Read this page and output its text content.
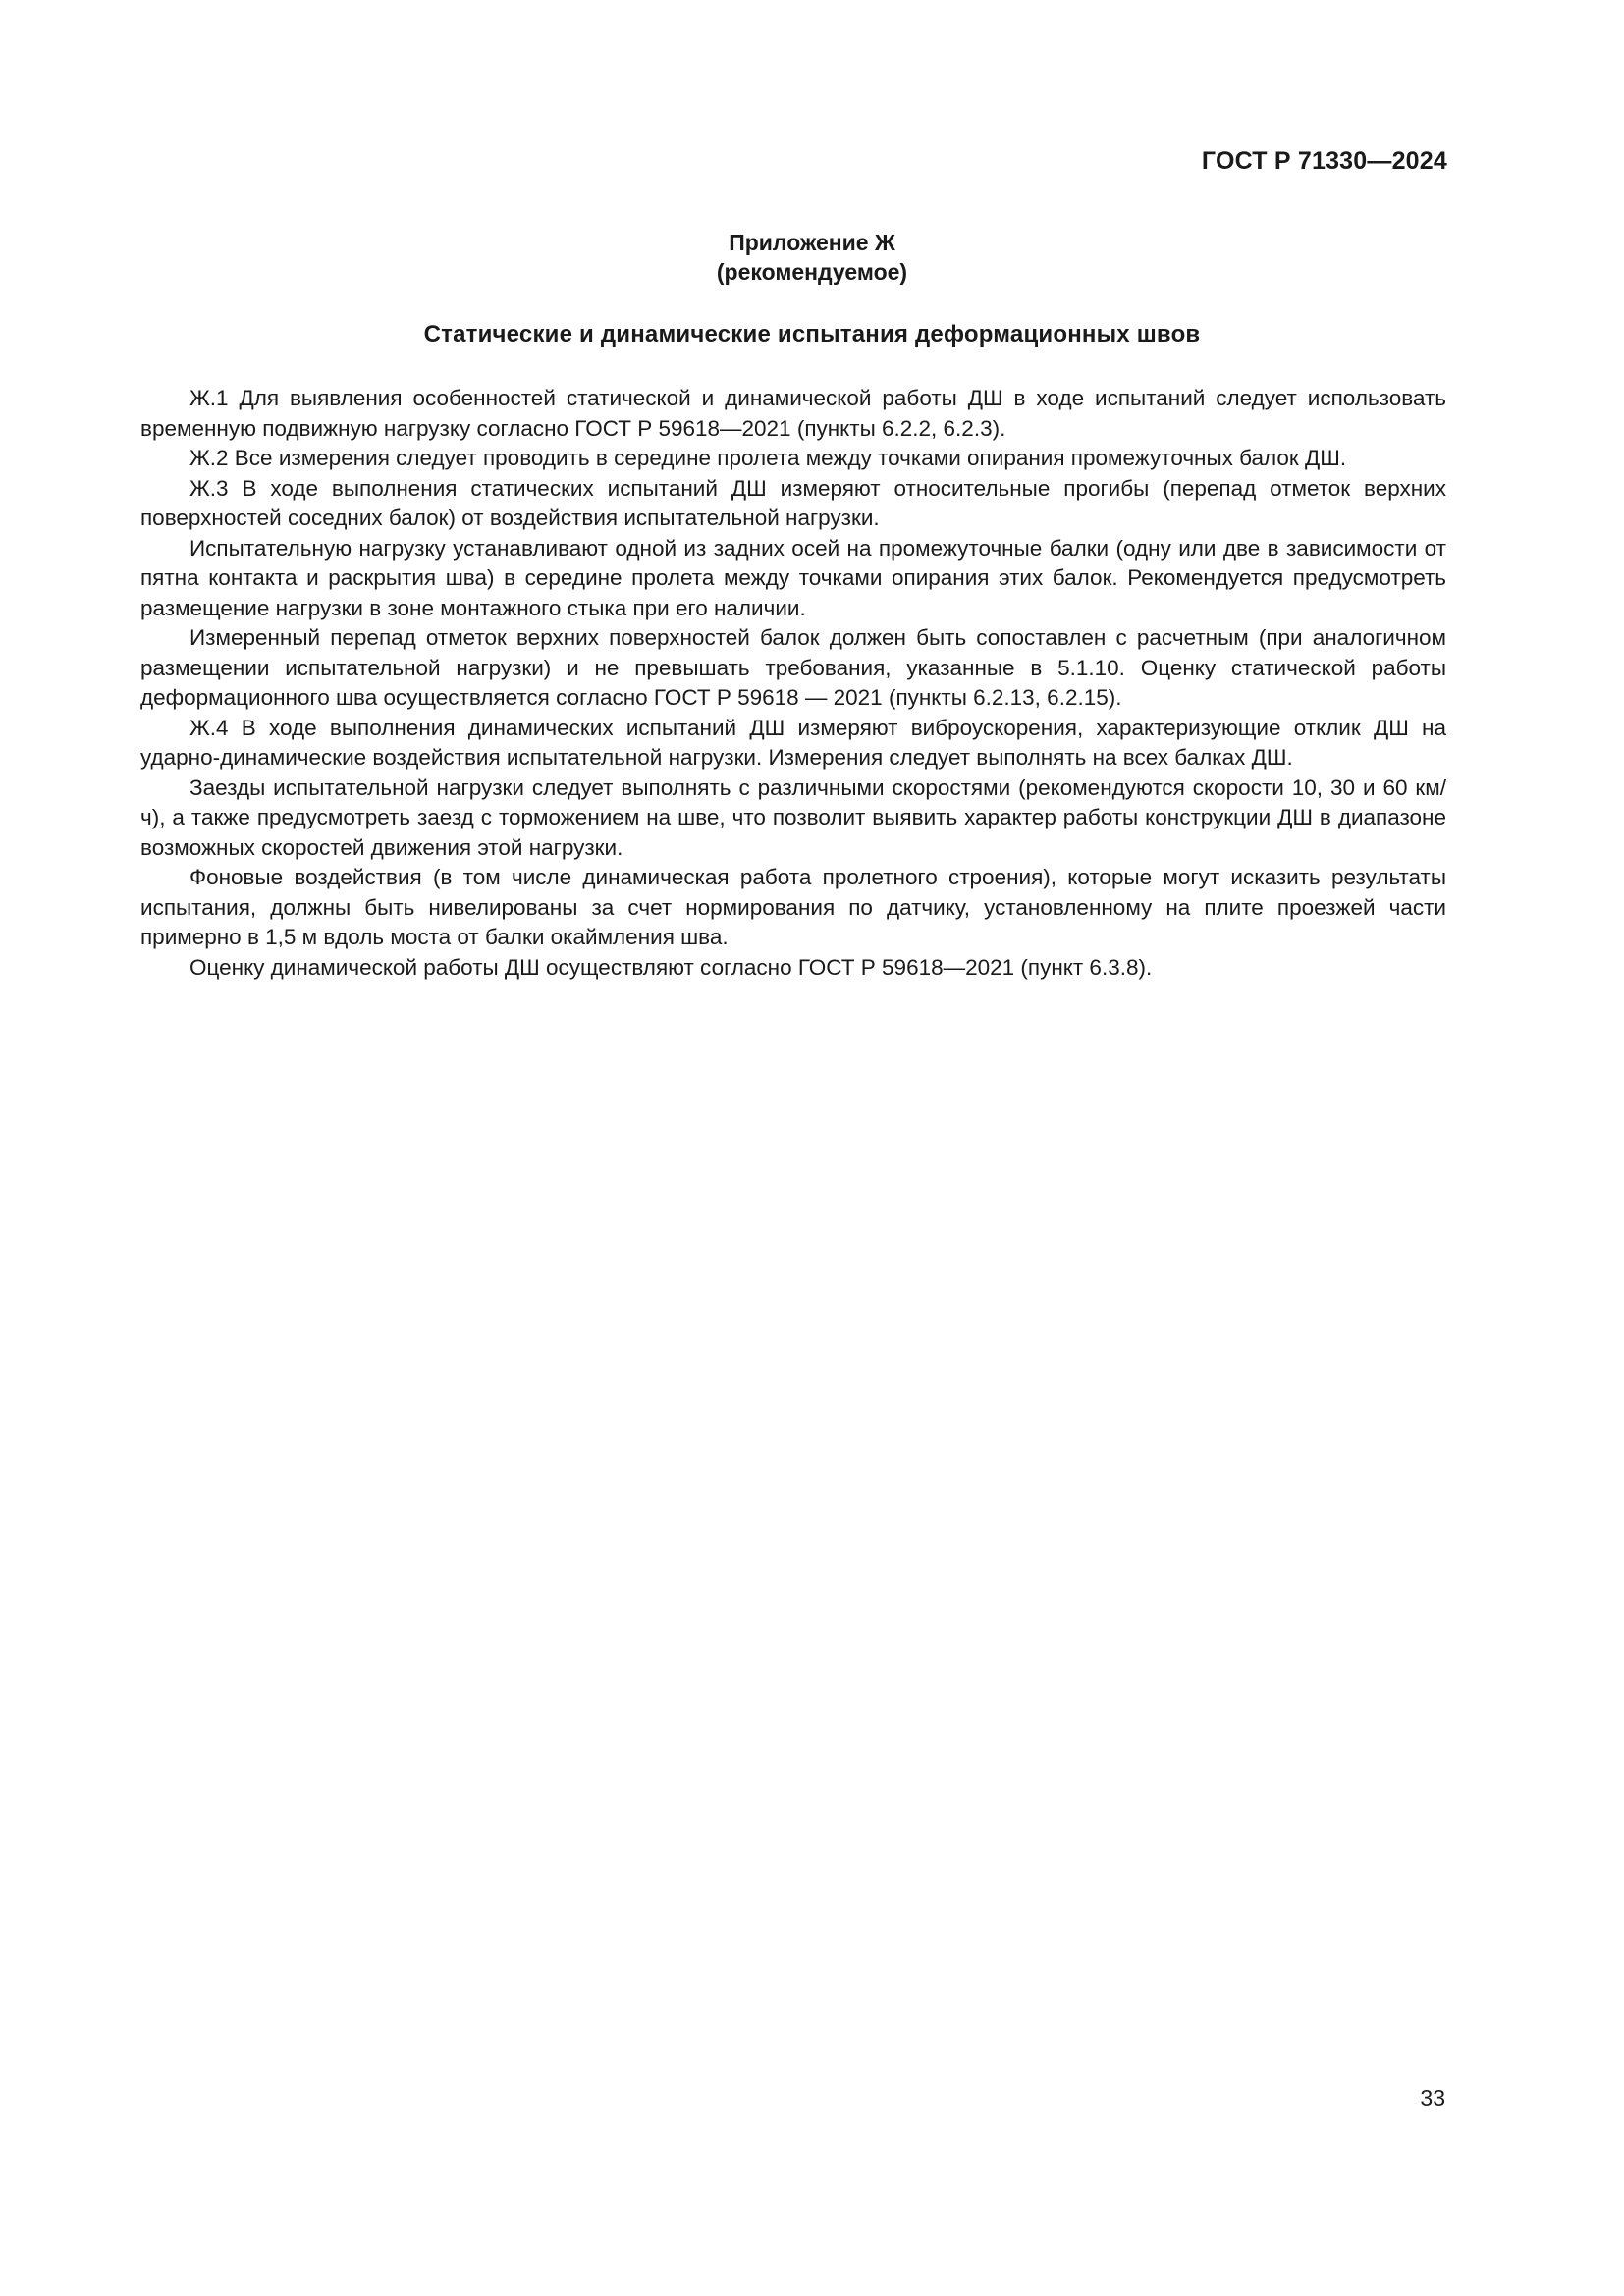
ГОСТ Р 71330—2024
Приложение Ж
(рекомендуемое)
Статические и динамические испытания деформационных швов

Ж.1 Для выявления особенностей статической и динамической работы ДШ в ходе испытаний следует использовать временную подвижную нагрузку согласно ГОСТ Р 59618—2021 (пункты 6.2.2, 6.2.3).

Ж.2 Все измерения следует проводить в середине пролета между точками опирания промежуточных балок ДШ.

Ж.3 В ходе выполнения статических испытаний ДШ измеряют относительные прогибы (перепад отметок верхних поверхностей соседних балок) от воздействия испытательной нагрузки.

Испытательную нагрузку устанавливают одной из задних осей на промежуточные балки (одну или две в зависимости от пятна контакта и раскрытия шва) в середине пролета между точками опирания этих балок. Рекомендуется предусмотреть размещение нагрузки в зоне монтажного стыка при его наличии.

Измеренный перепад отметок верхних поверхностей балок должен быть сопоставлен с расчетным (при аналогичном размещении испытательной нагрузки) и не превышать требования, указанные в 5.1.10. Оценку статической работы деформационного шва осуществляется согласно ГОСТ Р 59618 — 2021 (пункты 6.2.13, 6.2.15).

Ж.4 В ходе выполнения динамических испытаний ДШ измеряют виброускорения, характеризующие отклик ДШ на ударно-динамические воздействия испытательной нагрузки. Измерения следует выполнять на всех балках ДШ.

Заезды испытательной нагрузки следует выполнять с различными скоростями (рекомендуются скорости 10, 30 и 60 км/ч), а также предусмотреть заезд с торможением на шве, что позволит выявить характер работы конструкции ДШ в диапазоне возможных скоростей движения этой нагрузки.

Фоновые воздействия (в том числе динамическая работа пролетного строения), которые могут исказить результаты испытания, должны быть нивелированы за счет нормирования по датчику, установленному на плите проезжей части примерно в 1,5 м вдоль моста от балки окаймления шва.

Оценку динамической работы ДШ осуществляют согласно ГОСТ Р 59618—2021 (пункт 6.3.8).

33
